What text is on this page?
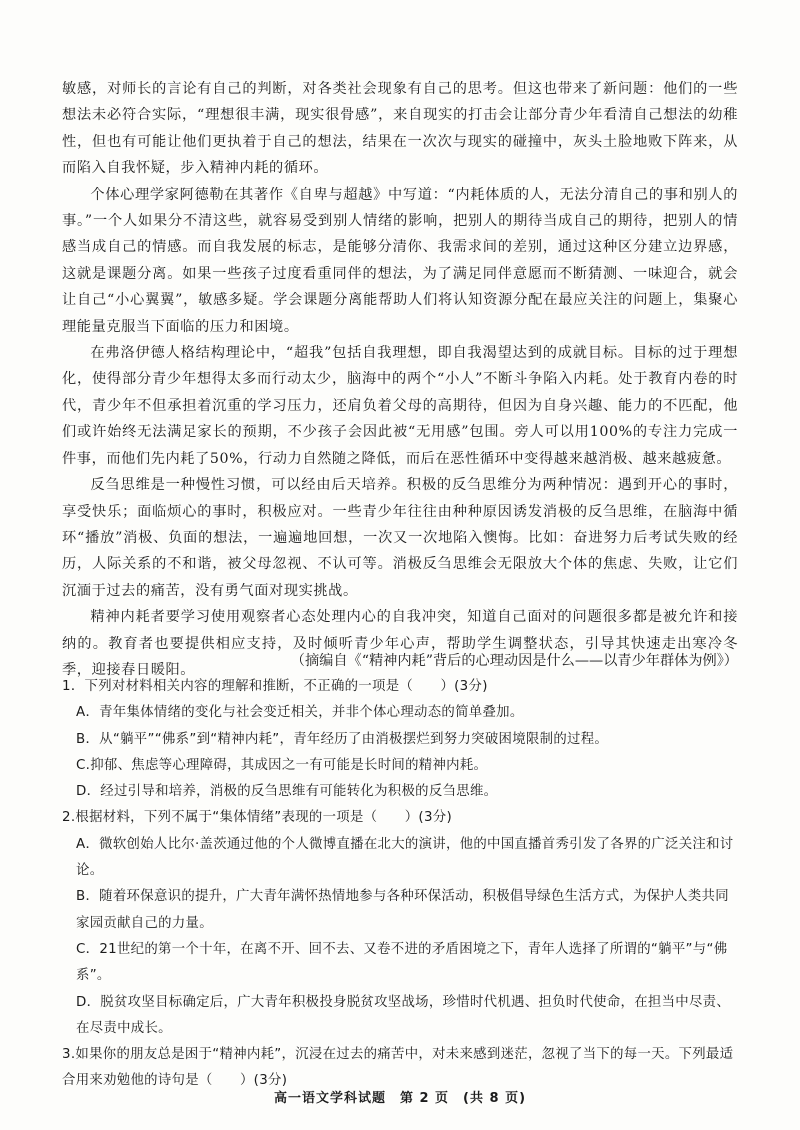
敏感，对师长的言论有自己的判断，对各类社会现象有自己的思考。但这也带来了新问题：他们的一些想法未必符合实际，“理想很丰满，现实很骨感”，来自现实的打击会让部分青少年看清自己想法的幼稚性，但也有可能让他们更执着于自己的想法，结果在一次次与现实的碰撞中，灰头土脸地败下阵来，从而陷入自我怀疑，步入精神内耗的循环。

个体心理学家阿德勒在其著作《自卑与超越》中写道：“内耗体质的人，无法分清自己的事和别人的事。”一个人如果分不清这些，就容易受到别人情绪的影响，把别人的期待当成自己的期待，把别人的情感当成自己的情感。而自我发展的标志，是能够分清你、我需求间的差别，通过这种区分建立边界感，这就是课题分离。如果一些孩子过度看重同伴的想法，为了满足同伴意愿而不断猜测、一味迎合，就会让自己“小心翼翼”，敏感多疑。学会课题分离能帮助人们将认知资源分配在最应关注的问题上，集聚心理能量克服当下面临的压力和困境。

在弗洛伊德人格结构理论中，“超我”包括自我理想，即自我渴望达到的成就目标。目标的过于理想化，使得部分青少年想得太多而行动太少，脑海中的两个“小人”不断斗争陷入内耗。处于教育内卷的时代，青少年不但承担着沉重的学习压力，还肩负着父母的高期待，但因为自身兴趣、能力的不匹配，他们或许始终无法满足家长的预期，不少孩子会因此被“无用感”包围。旁人可以用100%的专注力完成一件事，而他们先内耗了50%，行动力自然随之降低，而后在恶性循环中变得越来越消极、越来越疲惫。

反刍思维是一种慢性习惯，可以经由后天培养。积极的反刍思维分为两种情况：遇到开心的事时，享受快乐；面临烦心的事时，积极应对。一些青少年往往由种种原因诱发消极的反刍思维，在脑海中循环“播放”消极、负面的想法，一遍遍地回想，一次又一次地陷入懊悔。比如：奋进努力后考试失败的经历，人际关系的不和谐，被父母忽视、不认可等。消极反刍思维会无限放大个体的焦虑、失败，让它们沉湎于过去的痛苦，没有勇气面对现实挑战。

精神内耗者要学习使用观察者心态处理内心的自我冲突，知道自己面对的问题很多都是被允许和接纳的。教育者也要提供相应支持，及时倾听青少年心声，帮助学生调整状态，引导其快速走出寒冷冬季，迎接春日暖阳。

（摘编自《“精神内耗”背后的心理动因是什么——以青少年群体为例》）

1．下列对材料相关内容的理解和推断，不正确的一项是（　　）(3分)

A．青年集体情绪的变化与社会变迁相关，并非个体心理动态的简单叠加。

B．从“躺平”“佛系”到“精神内耗”，青年经历了由消极摆烂到努力突破困境限制的过程。

C.抑郁、焦虑等心理障碍，其成因之一有可能是长时间的精神内耗。

D．经过引导和培养，消极的反刍思维有可能转化为积极的反刍思维。

2.根据材料，下列不属于“集体情绪”表现的一项是（　　）(3分)

A．微软创始人比尔·盖茨通过他的个人微博直播在北大的演讲，他的中国直播首秀引发了各界的广泛关注和讨论。

B．随着环保意识的提升，广大青年满怀热情地参与各种环保活动，积极倡导绿色生活方式，为保护人类共同家园贡献自己的力量。

C．21世纪的第一个十年，在离不开、回不去、又卷不进的矛盾困境之下，青年人选择了所谓的“躺平”与“佛系”。

D．脱贫攻坚目标确定后，广大青年积极投身脱贫攻坚战场，珍惜时代机遇、担负时代使命，在担当中尽责、在尽责中成长。

3.如果你的朋友总是困于“精神内耗”，沉浸在过去的痛苦中，对未来感到迷茫，忽视了当下的每一天。下列最适合用来劝勉他的诗句是（　　）(3分)

高一语文学科试题　第 2 页　(共 8 页)
